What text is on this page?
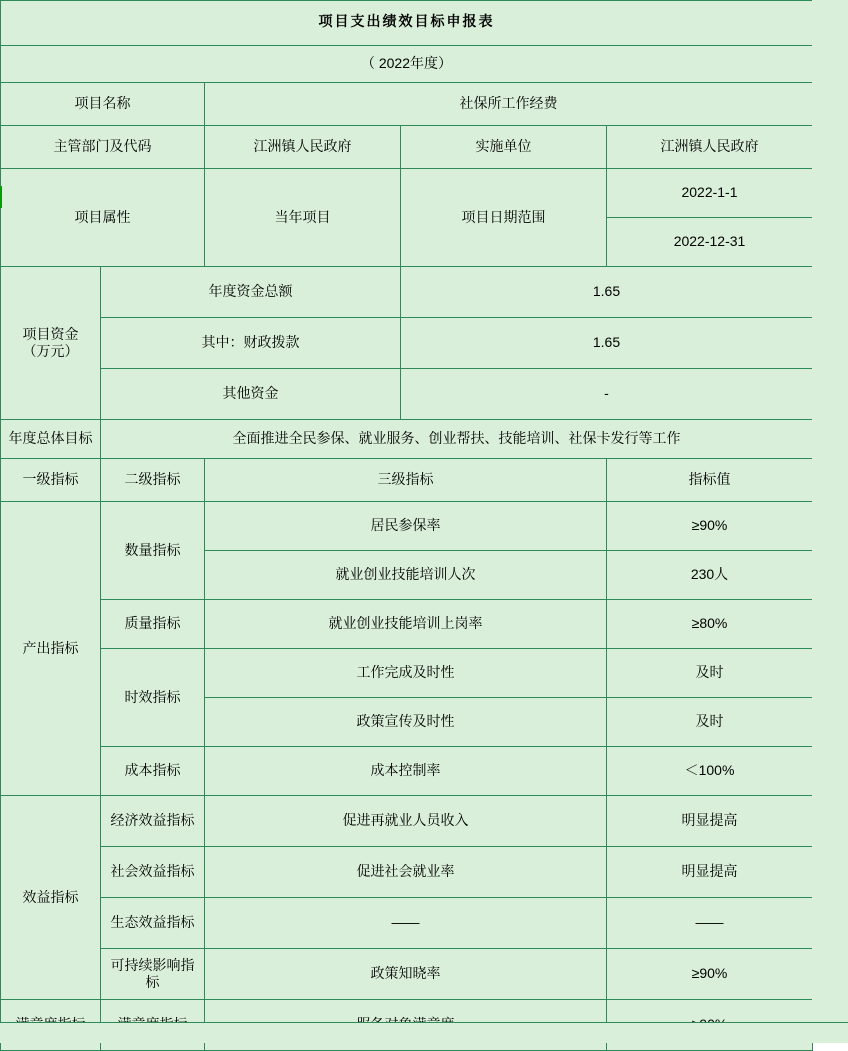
项目支出绩效目标申报表				
（ 2022年度）				
项目名称		社保所工作经费		
主管部门及代码		江洲镇人民政府	实施单位	江洲镇人民政府
项目属性		当年项目	项目日期范围	2022-1-1
				2022-12-31

项目资金
（万元）	年度资金总额		1.65	
	其中：财政拨款		1.65	
	其他资金		-	
年度总体目标	全面推进全民参保、就业服务、创业帮扶、技能培训、社保卡发行等工作			
一级指标	二级指标	三级指标		指标值
产出指标	数量指标	居民参保率		≥90%
		就业创业技能培训人次		230人
	质量指标	就业创业技能培训上岗率		≥80%
	时效指标	工作完成及时性		及时
		政策宣传及时性		及时
	成本指标	成本控制率		＜100%
效益指标	经济效益指标	促进再就业人员收入		明显提高
	社会效益指标	促进社会就业率		明显提高
	生态效益指标	——		——
	可持续影响指标	政策知晓率		≥90%
